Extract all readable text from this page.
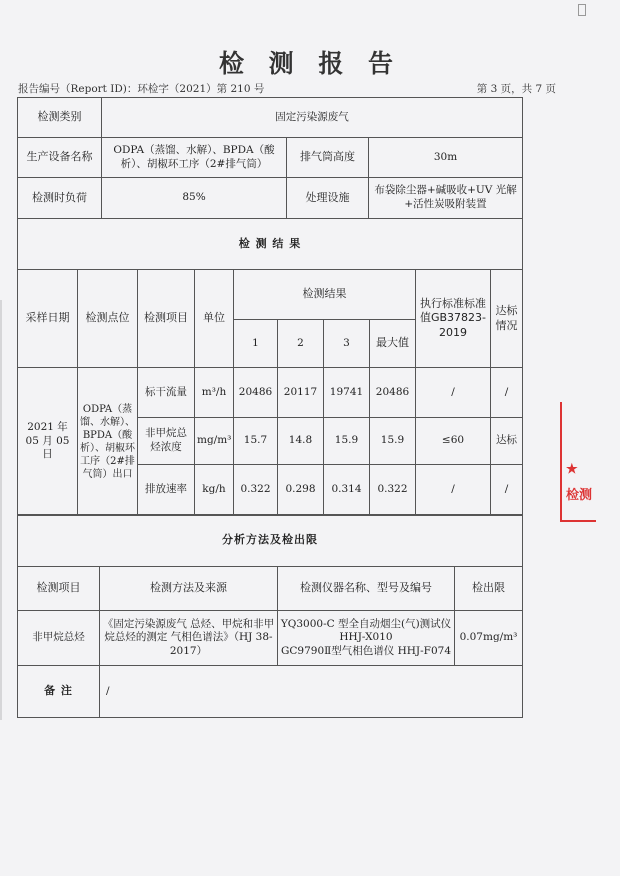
检 测 报 告
报告编号（Report ID)：环检字（2021）第 210 号	第 3 页，共 7 页
检测类别	固定污染源废气		
生产设备名称	ODPA（蒸馏、水解）、BPDA（酸析）、胡椒环工序（2#排气筒）	排气筒高度	30m
检测时负荷	85%	处理设施	布袋除尘器+碱吸收+UV 光解+活性炭吸附装置
检 测 结 果									
采样日期	检测点位	检测项目	单位	检测结果				执行标准标准值GB37823-2019	达标情况
				1	2	3	最大值		
2021 年 05 月 05 日	ODPA（蒸馏、水解）、BPDA（酸析）、胡椒环工序（2#排气筒）出口	标干流量	m³/h	20486	20117	19741	20486	/	/
		非甲烷总烃浓度	mg/m³	15.7	14.8	15.9	15.9	≤60	达标
		排放速率	kg/h	0.322	0.298	0.314	0.322	/	/
分析方法及检出限			
检测项目	检测方法及来源	检测仪器名称、型号及编号	检出限
非甲烷总烃	《固定污染源废气 总烃、甲烷和非甲烷总烃的测定 气相色谱法》（HJ 38-2017）	YQ3000-C 型全自动烟尘(气)测试仪
HHJ-X010
GC9790Ⅱ型气相色谱仪 HHJ-F074	0.07mg/m³
备 注	/		
★
检测
